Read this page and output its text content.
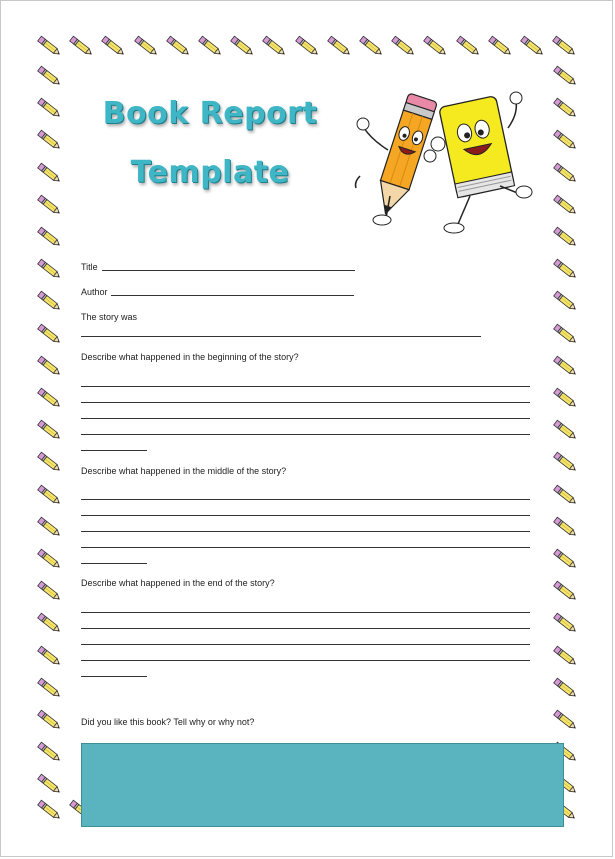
Book Report
Template
Title
Author
The story was
Describe what happened in the beginning of the story?
Describe what happened in the middle of the story?
Describe what happened in the end of the story?
Did you like this book? Tell why or why not?
